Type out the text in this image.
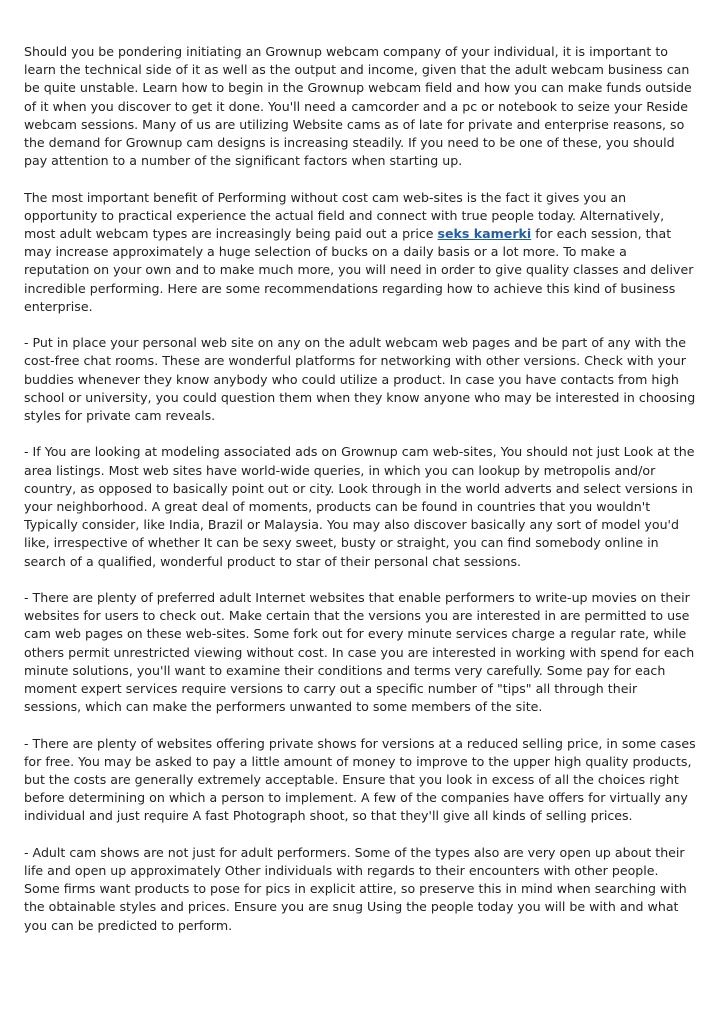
Should you be pondering initiating an Grownup webcam company of your individual, it is important to learn the technical side of it as well as the output and income, given that the adult webcam business can be quite unstable. Learn how to begin in the Grownup webcam field and how you can make funds outside of it when you discover to get it done. You'll need a camcorder and a pc or notebook to seize your Reside webcam sessions. Many of us are utilizing Website cams as of late for private and enterprise reasons, so the demand for Grownup cam designs is increasing steadily. If you need to be one of these, you should pay attention to a number of the significant factors when starting up.

The most important benefit of Performing without cost cam web-sites is the fact it gives you an opportunity to practical experience the actual field and connect with true people today. Alternatively, most adult webcam types are increasingly being paid out a price seks kamerki for each session, that may increase approximately a huge selection of bucks on a daily basis or a lot more. To make a reputation on your own and to make much more, you will need in order to give quality classes and deliver incredible performing. Here are some recommendations regarding how to achieve this kind of business enterprise.

- Put in place your personal web site on any on the adult webcam web pages and be part of any with the cost-free chat rooms. These are wonderful platforms for networking with other versions. Check with your buddies whenever they know anybody who could utilize a product. In case you have contacts from high school or university, you could question them when they know anyone who may be interested in choosing styles for private cam reveals.

- If You are looking at modeling associated ads on Grownup cam web-sites, You should not just Look at the area listings. Most web sites have world-wide queries, in which you can lookup by metropolis and/or country, as opposed to basically point out or city. Look through in the world adverts and select versions in your neighborhood. A great deal of moments, products can be found in countries that you wouldn't Typically consider, like India, Brazil or Malaysia. You may also discover basically any sort of model you'd like, irrespective of whether It can be sexy sweet, busty or straight, you can find somebody online in search of a qualified, wonderful product to star of their personal chat sessions.

- There are plenty of preferred adult Internet websites that enable performers to write-up movies on their websites for users to check out. Make certain that the versions you are interested in are permitted to use cam web pages on these web-sites. Some fork out for every minute services charge a regular rate, while others permit unrestricted viewing without cost. In case you are interested in working with spend for each minute solutions, you'll want to examine their conditions and terms very carefully. Some pay for each moment expert services require versions to carry out a specific number of "tips" all through their sessions, which can make the performers unwanted to some members of the site.

- There are plenty of websites offering private shows for versions at a reduced selling price, in some cases for free. You may be asked to pay a little amount of money to improve to the upper high quality products, but the costs are generally extremely acceptable. Ensure that you look in excess of all the choices right before determining on which a person to implement. A few of the companies have offers for virtually any individual and just require A fast Photograph shoot, so that they'll give all kinds of selling prices.

- Adult cam shows are not just for adult performers. Some of the types also are very open up about their life and open up approximately Other individuals with regards to their encounters with other people. Some firms want products to pose for pics in explicit attire, so preserve this in mind when searching with the obtainable styles and prices. Ensure you are snug Using the people today you will be with and what you can be predicted to perform.
